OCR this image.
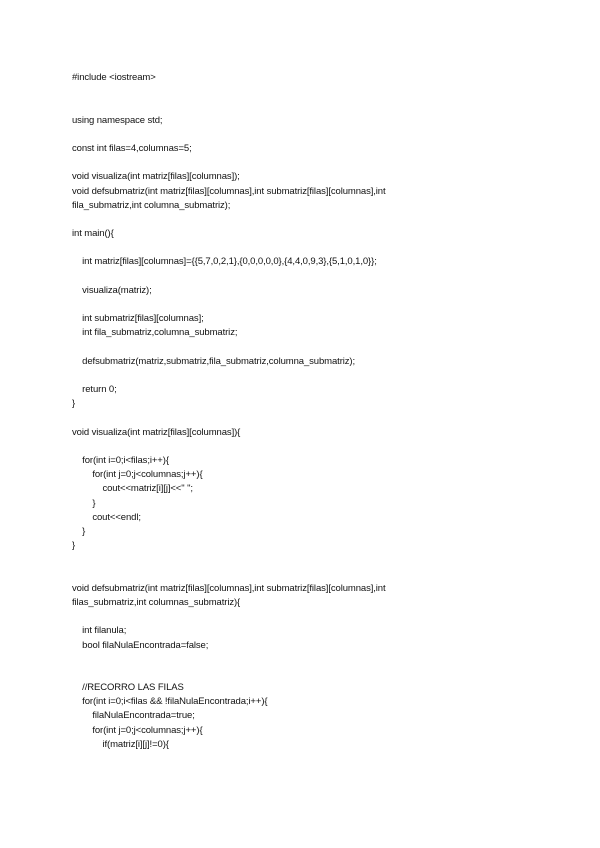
#include <iostream>
using namespace std;
const int filas=4,columnas=5;
void visualiza(int matriz[filas][columnas]);
void defsubmatriz(int matriz[filas][columnas],int submatriz[filas][columnas],int
fila_submatriz,int columna_submatriz);
int main(){
int matriz[filas][columnas]={{5,7,0,2,1},{0,0,0,0,0},{4,4,0,9,3},{5,1,0,1,0}};
visualiza(matriz);
int submatriz[filas][columnas];
int fila_submatriz,columna_submatriz;
defsubmatriz(matriz,submatriz,fila_submatriz,columna_submatriz);
return 0;
}
void visualiza(int matriz[filas][columnas]){
for(int i=0;i<filas;i++){
for(int j=0;j<columnas;j++){
cout<<matriz[i][j]<<" ";
}
cout<<endl;
}
}
void defsubmatriz(int matriz[filas][columnas],int submatriz[filas][columnas],int
filas_submatriz,int columnas_submatriz){
int filanula;
bool filaNulaEncontrada=false;
//RECORRO LAS FILAS
for(int i=0;i<filas && !filaNulaEncontrada;i++){
filaNulaEncontrada=true;
for(int j=0;j<columnas;j++){
if(matriz[i][j]!=0){
